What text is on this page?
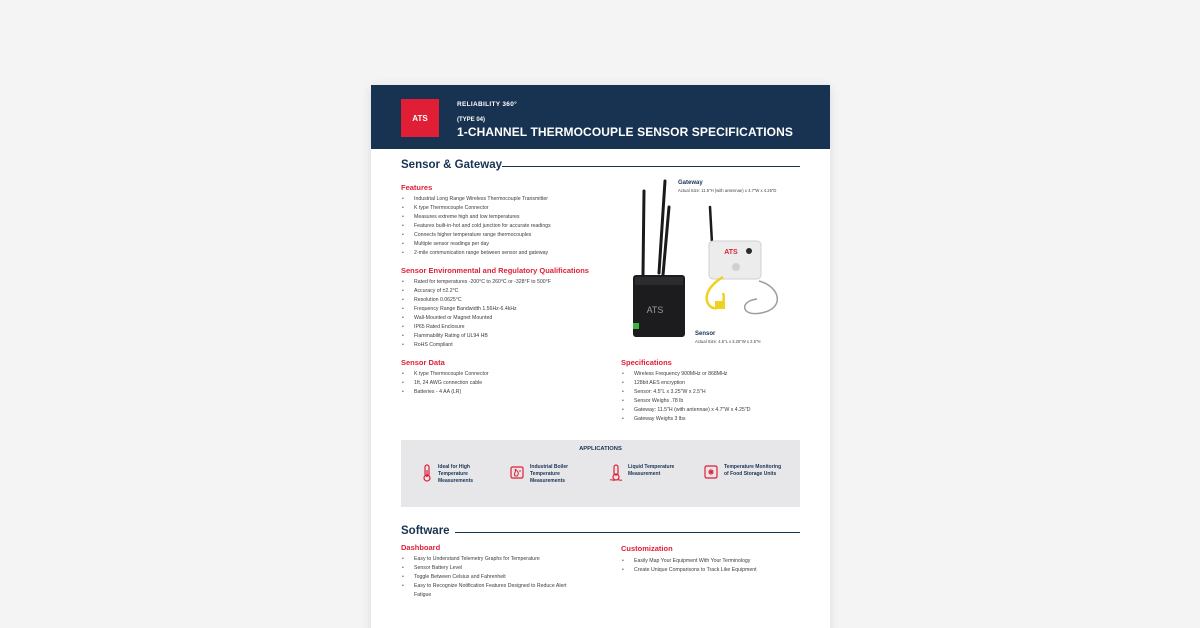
ATS
RELIABILITY 360°
(TYPE 04)
1-CHANNEL THERMOCOUPLE SENSOR SPECIFICATIONS
Sensor & Gateway
Features
• Industrial Long Range Wireless Thermocouple Transmitter
• K type Thermocouple Connector
• Measures extreme high and low temperatures
• Features built-in-hot and cold junction for accurate readings
• Connects higher temperature range thermocouples
• Multiple sensor readings per day
• 2-mile communication range between sensor and gateway
Sensor Environmental and Regulatory Qualifications
• Rated for temperatures -200°C to 260°C or -328°F to 500°F
• Accuracy of ±2.2°C
• Resolution 0.0625°C
• Frequency Range Bandwidth 1.56Hz-6.4kHz
• Wall-Mounted or Magnet Mounted
• IP65 Rated Enclosure
• Flammability Rating of UL94 HB
• RoHS Compliant
Sensor Data
• K type Thermocouple Connector
• 1ft, 24 AWG connection cable
• Batteries - 4 AA (LR)
ATS
Gateway
Actual Size: 11.5"H (with antennae) x 4.7"W x 4.25"D
ATS
Sensor
Actual Size: 4.5"L x 3.25"W x 2.5"H
Specifications
• Wireless Frequency 900MHz or 868MHz
• 128bit AES encryption
• Sensor: 4.5"L x 3.25"W x 2.5"H
• Sensor Weighs .78 lb
• Gateway: 11.5"H (with antennae) x 4.7"W x 4.25"D
• Gateway Weighs 3 lbs
APPLICATIONS
Ideal for High Temperature Measurements
Industrial Boiler Temperature Measurements
Liquid Temperature Measurement
Temperature Monitoring of Food Storage Units
Software
Dashboard
• Easy to Understand Telemetry Graphs for Temperature
• Sensor Battery Level
• Toggle Between Celsius and Fahrenheit
• Easy to Recognize Notification Features Designed to Reduce Alert Fatigue
Customization
• Easily Map Your Equipment With Your Terminology
• Create Unique Comparisons to Track Like Equipment
